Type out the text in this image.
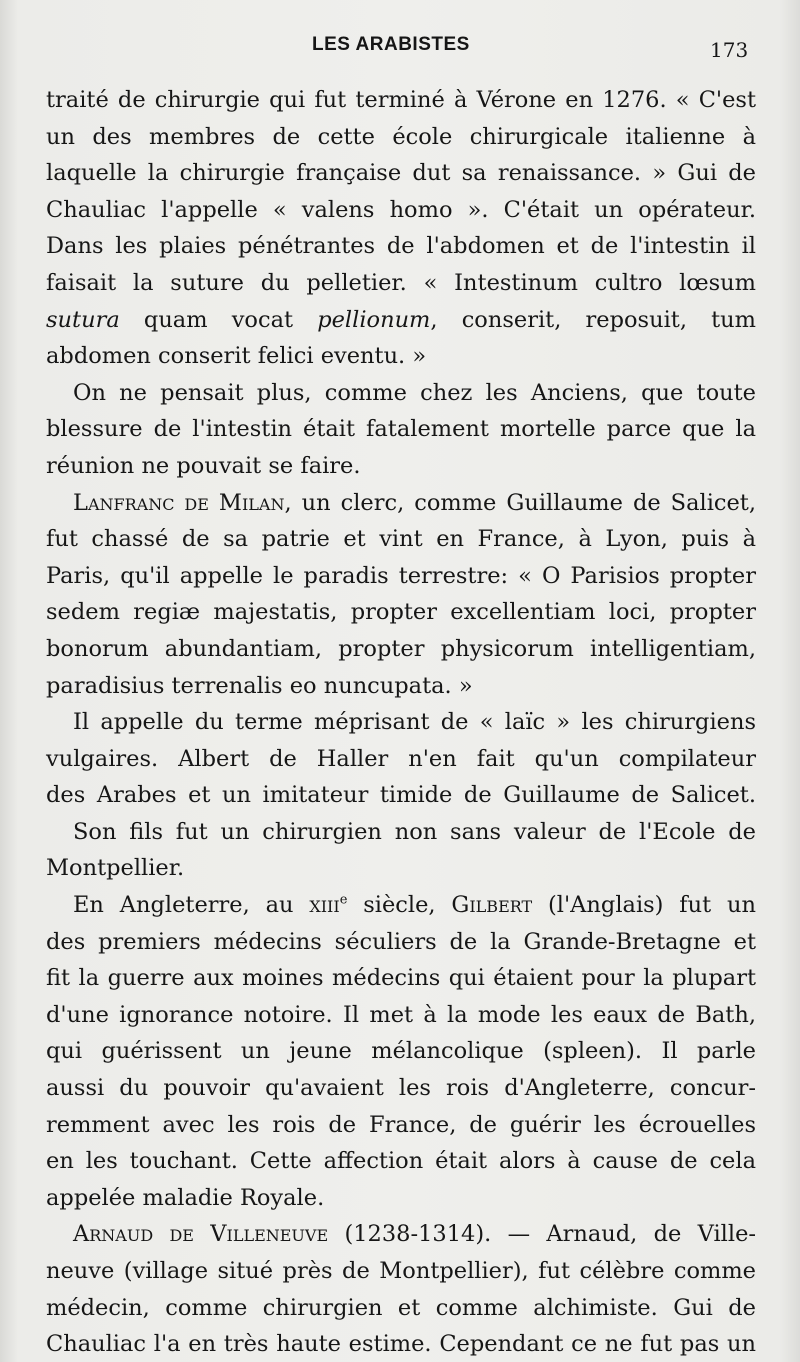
LES ARABISTES	173
traité de chirurgie qui fut terminé à Vérone en 1276. « C'est
un des membres de cette école chirurgicale italienne à
laquelle la chirurgie française dut sa renaissance. » Gui de
Chauliac l'appelle « valens homo ». C'était un opérateur.
Dans les plaies pénétrantes de l'abdomen et de l'intestin il
faisait la suture du pelletier. « Intestinum cultro lœsum
sutura quam vocat pellionum, conserit, reposuit, tum
abdomen conserit felici eventu. »
On ne pensait plus, comme chez les Anciens, que toute
blessure de l'intestin était fatalement mortelle parce que la
réunion ne pouvait se faire.
Lanfranc de Milan, un clerc, comme Guillaume de Salicet,
fut chassé de sa patrie et vint en France, à Lyon, puis à
Paris, qu'il appelle le paradis terrestre: « O Parisios propter
sedem regiæ majestatis, propter excellentiam loci, propter
bonorum abundantiam, propter physicorum intelligentiam,
paradisius terrenalis eo nuncupata. »
Il appelle du terme méprisant de « laïc » les chirurgiens
vulgaires. Albert de Haller n'en fait qu'un compilateur
des Arabes et un imitateur timide de Guillaume de Salicet.
Son fils fut un chirurgien non sans valeur de l'Ecole de
Montpellier.
En Angleterre, au xiii$^e$ siècle, Gilbert (l'Anglais) fut un
des premiers médecins séculiers de la Grande-Bretagne et
fit la guerre aux moines médecins qui étaient pour la plupart
d'une ignorance notoire. Il met à la mode les eaux de Bath,
qui guérissent un jeune mélancolique (spleen). Il parle
aussi du pouvoir qu'avaient les rois d'Angleterre, concur-
remment avec les rois de France, de guérir les écrouelles
en les touchant. Cette affection était alors à cause de cela
appelée maladie Royale.
Arnaud de Villeneuve (1238-1314). — Arnaud, de Ville-
neuve (village situé près de Montpellier), fut célèbre comme
médecin, comme chirurgien et comme alchimiste. Gui de
Chauliac l'a en très haute estime. Cependant ce ne fut pas un
